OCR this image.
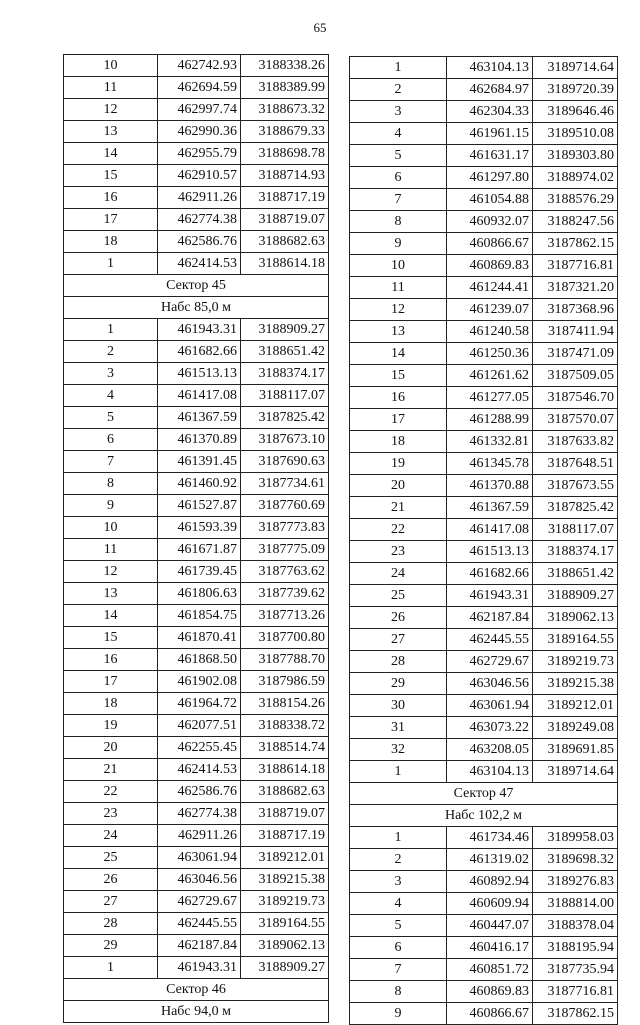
65
10	462742.93	3188338.26
11	462694.59	3188389.99
12	462997.74	3188673.32
13	462990.36	3188679.33
14	462955.79	3188698.78
15	462910.57	3188714.93
16	462911.26	3188717.19
17	462774.38	3188719.07
18	462586.76	3188682.63
1	462414.53	3188614.18
Сектор 45		
Набс 85,0 м		
1	461943.31	3188909.27
2	461682.66	3188651.42
3	461513.13	3188374.17
4	461417.08	3188117.07
5	461367.59	3187825.42
6	461370.89	3187673.10
7	461391.45	3187690.63
8	461460.92	3187734.61
9	461527.87	3187760.69
10	461593.39	3187773.83
11	461671.87	3187775.09
12	461739.45	3187763.62
13	461806.63	3187739.62
14	461854.75	3187713.26
15	461870.41	3187700.80
16	461868.50	3187788.70
17	461902.08	3187986.59
18	461964.72	3188154.26
19	462077.51	3188338.72
20	462255.45	3188514.74
21	462414.53	3188614.18
22	462586.76	3188682.63
23	462774.38	3188719.07
24	462911.26	3188717.19
25	463061.94	3189212.01
26	463046.56	3189215.38
27	462729.67	3189219.73
28	462445.55	3189164.55
29	462187.84	3189062.13
1	461943.31	3188909.27
Сектор 46		
Набс 94,0 м		
1	463104.13	3189714.64
2	462684.97	3189720.39
3	462304.33	3189646.46
4	461961.15	3189510.08
5	461631.17	3189303.80
6	461297.80	3188974.02
7	461054.88	3188576.29
8	460932.07	3188247.56
9	460866.67	3187862.15
10	460869.83	3187716.81
11	461244.41	3187321.20
12	461239.07	3187368.96
13	461240.58	3187411.94
14	461250.36	3187471.09
15	461261.62	3187509.05
16	461277.05	3187546.70
17	461288.99	3187570.07
18	461332.81	3187633.82
19	461345.78	3187648.51
20	461370.88	3187673.55
21	461367.59	3187825.42
22	461417.08	3188117.07
23	461513.13	3188374.17
24	461682.66	3188651.42
25	461943.31	3188909.27
26	462187.84	3189062.13
27	462445.55	3189164.55
28	462729.67	3189219.73
29	463046.56	3189215.38
30	463061.94	3189212.01
31	463073.22	3189249.08
32	463208.05	3189691.85
1	463104.13	3189714.64
Сектор 47		
Набс 102,2 м		
1	461734.46	3189958.03
2	461319.02	3189698.32
3	460892.94	3189276.83
4	460609.94	3188814.00
5	460447.07	3188378.04
6	460416.17	3188195.94
7	460851.72	3187735.94
8	460869.83	3187716.81
9	460866.67	3187862.15
